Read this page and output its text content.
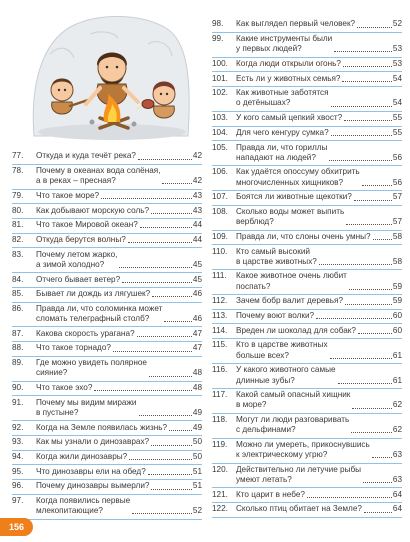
77.	Откуда и куда течёт река?	42
78.	Почему в океанах вода солёная,
а в реках – пресная?	42
79.	Что такое море?	43
80.	Как добывают морскую соль?	43
81.	Что такое Мировой океан?	44
82.	Откуда берутся волны?	44
83.	Почему летом жарко,
а зимой холодно?	45
84.	Отчего бывает ветер?	45
85.	Бывает ли дождь из лягушек?	46
86.	Правда ли, что соломинка может
сломать телеграфный столб?	46
87.	Какова скорость урагана?	47
88.	Что такое торнадо?	47
89.	Где можно увидеть полярное
сияние?	48
90.	Что такое эхо?	48
91.	Почему мы видим миражи
в пустыне?	49
92.	Когда на Земле появилась жизнь?	49
93.	Как мы узнали о динозаврах?	50
94.	Когда жили динозавры?	50
95.	Что динозавры ели на обед?	51
96.	Почему динозавры вымерли?	51
97.	Когда появились первые
млекопитающие?	52
98.	Как выглядел первый человек?	52
99.	Какие инструменты были
у первых людей?	53
100. Когда люди открыли огонь?	53
101. Есть ли у животных семья?	54
102. Как животные заботятся
о детёнышах?	54
103. У кого самый цепкий хвост?	55
104. Для чего кенгуру сумка?	55
105. Правда ли, что гориллы
нападают на людей?	56
106. Как удаётся опоссуму обхитрить
многочисленных хищников?	56
107. Боятся ли животные щекотки?	57
108. Сколько воды может выпить
верблюд?	57
109. Правда ли, что слоны очень умны?	58
110.	Кто самый высокий
в царстве животных?	58
111.	Какое животное очень любит
поспать?	59
112.	Зачем бобр валит деревья?	59
113.	Почему воют волки?	60
114.	Вреден ли шоколад для собак?	60
115.	Кто в царстве животных
больше всех?	61
116.	У какого животного самые
длинные зубы?	61
117.	Какой самый опасный хищник
в море?	62
118.	Могут ли люди разговаривать
с дельфинами?	62
119.	Можно ли умереть, прикоснувшись
к электрическому угрю?	63
120. Действительно ли летучие рыбы
умеют летать?	63
121. Кто царит в небе?	64
122. Сколько птиц обитает на Земле?	64
156
